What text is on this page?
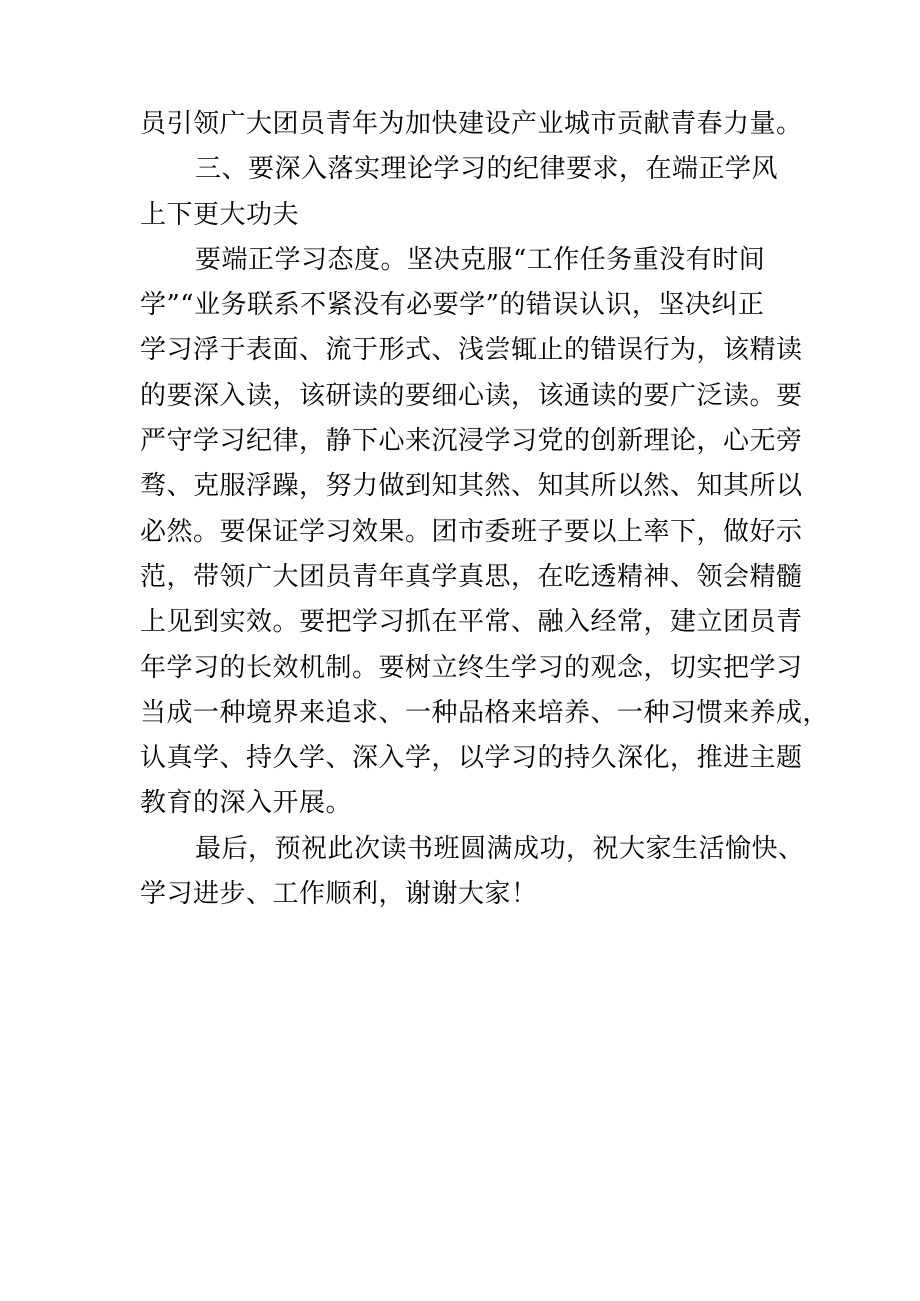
员引领广大团员青年为加快建设产业城市贡献青春力量。
三、要深入落实理论学习的纪律要求，在端正学风
上下更大功夫
要端正学习态度。坚决克服“工作任务重没有时间
学”“业务联系不紧没有必要学”的错误认识，坚决纠正
学习浮于表面、流于形式、浅尝辄止的错误行为，该精读
的要深入读，该研读的要细心读，该通读的要广泛读。要
严守学习纪律，静下心来沉浸学习党的创新理论，心无旁
骛、克服浮躁，努力做到知其然、知其所以然、知其所以
必然。要保证学习效果。团市委班子要以上率下，做好示
范，带领广大团员青年真学真思，在吃透精神、领会精髓
上见到实效。要把学习抓在平常、融入经常，建立团员青
年学习的长效机制。要树立终生学习的观念，切实把学习
当成一种境界来追求、一种品格来培养、一种习惯来养成，
认真学、持久学、深入学，以学习的持久深化，推进主题
教育的深入开展。
最后，预祝此次读书班圆满成功，祝大家生活愉快、
学习进步、工作顺利，谢谢大家！
